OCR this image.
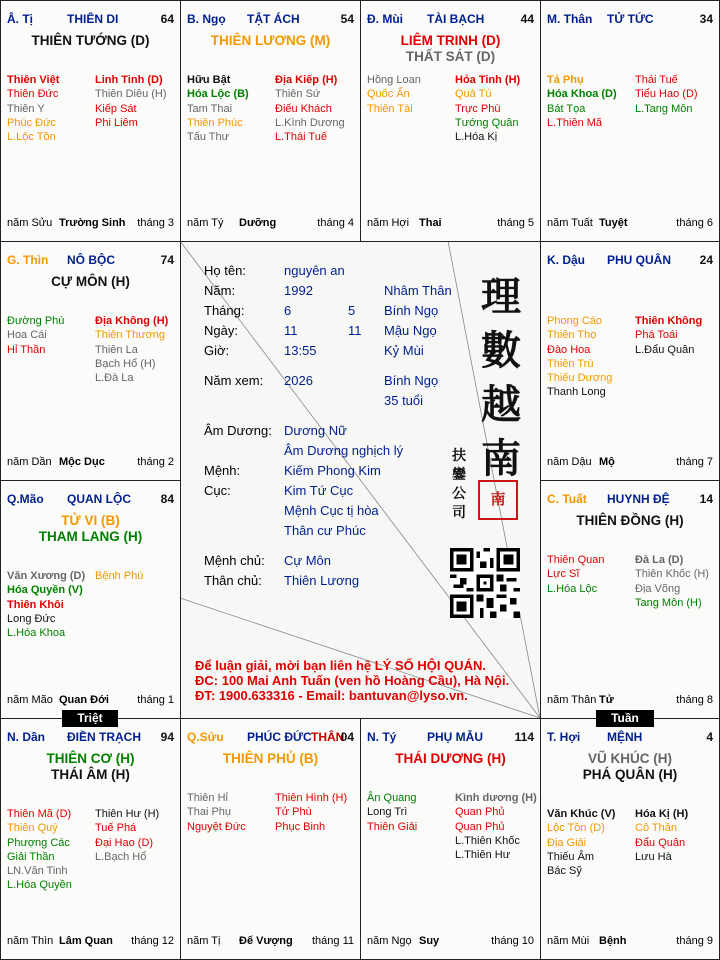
Â. Tị	THIÊN DI	64
THIÊN TƯỚNG (D)
Thiên Việt
Thiên Đức
Thiên Y
Phúc Đức
L.Lộc Tồn
Linh Tinh (D)
Thiên Diêu (H)
Kiếp Sát
Phi Liêm
năm Sửu Trường Sinh tháng 3
B. Ngọ TẬT ÁCH	54
THIÊN LƯƠNG (M)
Hữu Bật
Hóa Lộc (B)
Tam Thai
Thiên Phúc
Tấu Thư
Địa Kiếp (H)
Thiên Sứ
Điếu Khách
L.Kình Dương
L.Thái Tuế
năm Tý Dưỡng	tháng 4
Đ. Mùi TÀI BẠCH	44
LIÊM TRINH (D)
THẤT SÁT (D)
Hồng Loan
Quốc Ấn
Thiên Tài
Hỏa Tinh (H)
Quả Tú
Trực Phù
Tướng Quân
L.Hóa Kị
năm Hợi Thai	tháng 5
M. Thân TỬ TỨC	34
Tả Phụ
Hóa Khoa (D)
Bát Tọa
L.Thiên Mã
Thái Tuế
Tiểu Hao (D)
L.Tang Môn
năm Tuất Tuyệt	tháng 6
G. Thìn NÔ BỘC	74
CỰ MÔN (H)
Đường Phù
Hoa Cái
Hỉ Thần
Địa Không (H)
Thiên Thương
Thiên La
Bạch Hổ (H)
L.Đà La
năm Dần Mộc Dục	tháng 2
K. Dậu PHU QUÂN 24
Phong Cáo
Thiên Thọ
Đào Hoa
Thiên Trù
Thiếu Dương
Thanh Long
Thiên Không
Phá Toái
L.Đẩu Quân
năm Dậu Mộ	tháng 7
Q.Mão QUAN LỘC 84
TỬ VI (B)
THAM LANG (H)
Văn Xương (D)
Hóa Quyền (V)
Thiên Khôi
Long Đức
L.Hóa Khoa
Bệnh Phù
năm Mão Quan Đới	tháng 1
C. Tuất HUYNH ĐỆ 14
THIÊN ĐỒNG (H)
Thiên Quan
Lực Sĩ
L.Hóa Lộc
Đà La (D)
Thiên Khốc (H)
Địa Võng
Tang Môn (H)
năm Thân Tử	tháng 8
N. Dần ĐIỀN TRẠCH 94
THIÊN CƠ (H)
THÁI ÂM (H)
Thiên Mã (D)
Thiên Quý
Phượng Các
Giải Thần
LN.Văn Tinh
L.Hóa Quyền
Thiên Hư (H)
Tuế Phá
Đại Hao (D)
L.Bạch Hổ
năm Thìn Lâm Quan tháng 12
Q.Sửu PHÚC ĐỨC THÂN
04
THIÊN PHỦ (B)
Thiên Hỉ
Thai Phụ
Nguyệt Đức
Thiên Hình (H)
Tử Phù
Phục Binh
năm Tị Đế Vượng tháng 11
N. Tý	PHỤ MẪU	114
THÁI DƯƠNG (H)
Ân Quang
Long Trì
Thiên Giải
Kình dương (H)
Quan Phủ
Quan Phủ
L.Thiên Khốc
L.Thiên Hư
năm Ngọ Suy	tháng 10
T. Hợi MỆNH	4
VŨ KHÚC (H)
PHÁ QUÂN (H)
Văn Khúc (V)
Lộc Tồn (D)
Địa Giải
Thiếu Âm
Bác Sỹ
Hóa Kị (H)
Cô Thần
Đẩu Quân
Lưu Hà
năm Mùi Bệnh	tháng 9
Họ tên:	nguyên an
Năm:	1992	Nhâm Thân
Tháng:	6	5 Bính Ngọ
Ngày:	11	11 Mậu Ngọ
Giờ:	13:55	Kỷ Mùi
Năm xem: 2026	Bính Ngọ
35 tuổi
Âm Dương: Dương Nữ
Âm Dương nghịch lý
Mệnh:	Kiếm Phong Kim
Cục:	Kim Tứ Cục
Mệnh Cục tị hòa
Thân cư Phúc
Mệnh chủ: Cự Môn
Thân chủ: Thiên Lương
理
數
越
南
扶
鑾
公
司
南
Để luận giải, mời bạn liên hệ LÝ SỐ HỘI QUÁN.
ĐC: 100 Mai Anh Tuấn (ven hồ Hoàng Cầu), Hà Nội.
ĐT: 1900.633316 - Email: bantuvan@lyso.vn.
Triệt	Tuần
